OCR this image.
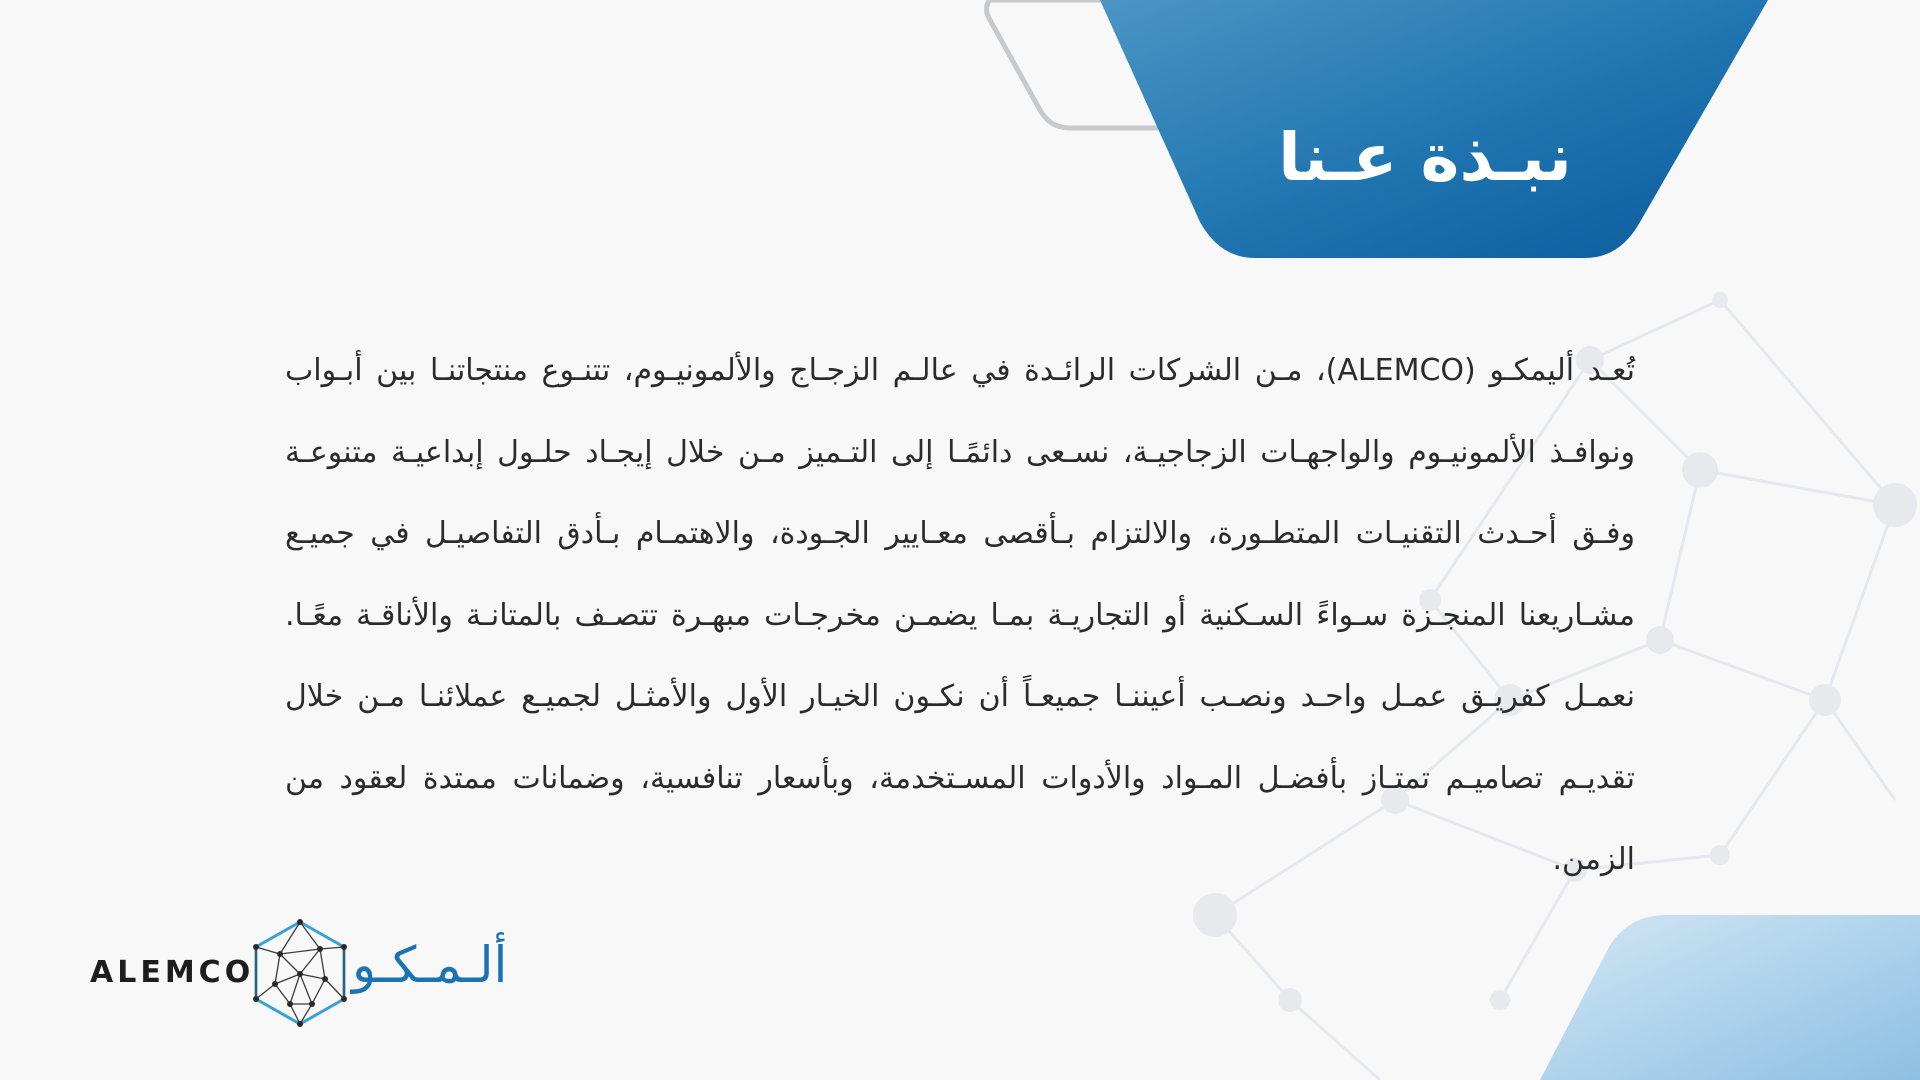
نبـذة عـنا

تُعـد أليمكـو (ALEMCO)، مـن الشركات الرائـدة في عالـم الزجـاج والألمونيـوم، تتنـوع منتجاتنـا بين أبـواب ونوافـذ الألمونيـوم والواجهـات الزجاجيـة، نسـعى دائمًـا إلى التـميز مـن خلال إيجـاد حلـول إبداعيـة متنوعـة وفـق أحـدث التقنيـات المتطـورة، والالتزام بـأقصى معـايير الجـودة، والاهتمـام بـأدق التفاصيـل في جميـع مشـاريعنا المنجـزة سـواءً السـكنية أو التجاريـة بمـا يضمـن مخرجـات مبهـرة تتصـف بالمتانـة والأناقـة معًـا. نعمـل كفريـق عمـل واحـد ونصـب أعيننـا جميعـاً أن نكـون الخيـار الأول والأمثـل لجميـع عملائنـا مـن خلال تقديـم تصاميـم تمتـاز بأفضـل المـواد والأدوات المسـتخدمة، وبأسعار تنافسية، وضمانات ممتدة لعقود من الزمن.

ALEMCO ألـمـكـو
